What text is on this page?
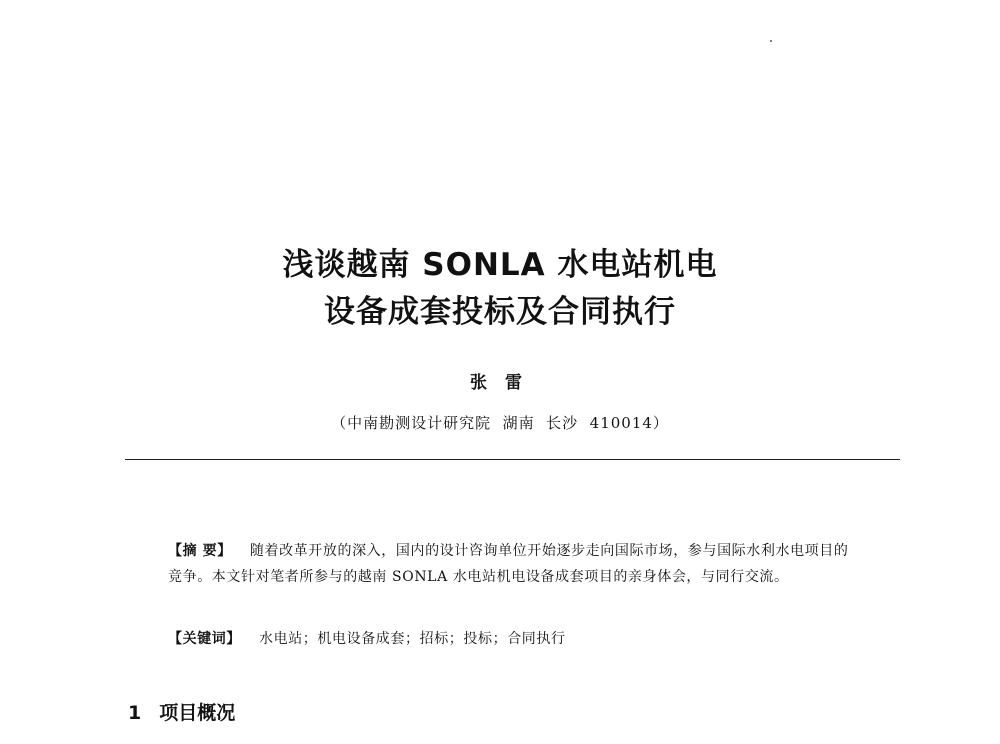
浅谈越南 SONLA 水电站机电
设备成套投标及合同执行
张雷
（中南勘测设计研究院  湖南  长沙  410014）
【摘 要】 随着改革开放的深入，国内的设计咨询单位开始逐步走向国际市场，参与国际水利水电项目的竞争。本文针对笔者所参与的越南 SONLA 水电站机电设备成套项目的亲身体会，与同行交流。
【关键词】 水电站；机电设备成套；招标；投标；合同执行
1 项目概况
